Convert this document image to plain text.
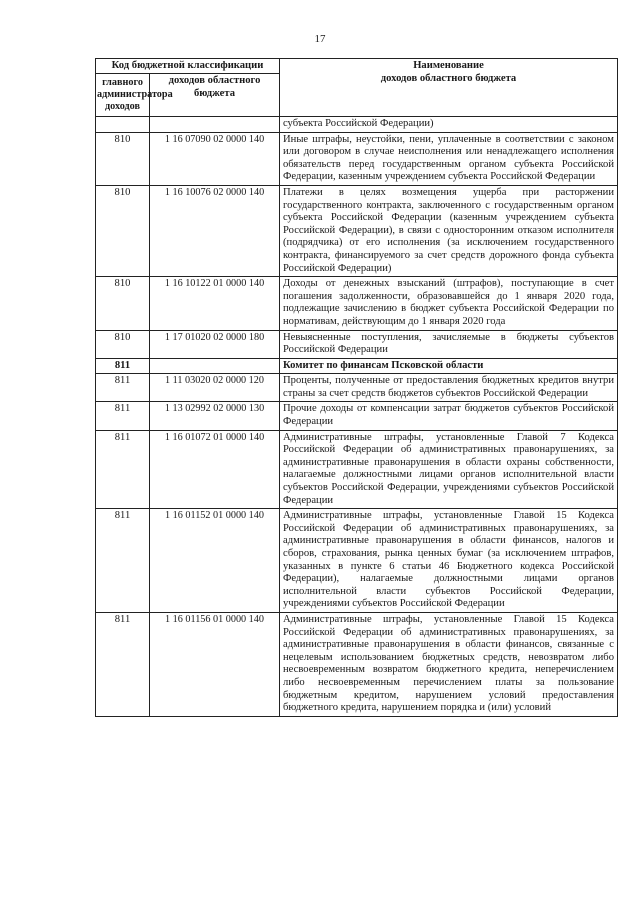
17
Код бюджетной классификации		Наименование
доходов областного бюджета

главного администратора доходов	доходов областного бюджета	
		субъекта Российской Федерации)
810	1 16 07090 02 0000 140	Иные штрафы, неустойки, пени, уплаченные в соответствии с законом или договором в случае неисполнения или ненадлежащего исполнения обязательств перед государственным органом субъекта Российской Федерации, казенным учреждением субъекта Российской Федерации
810	1 16 10076 02 0000 140	Платежи в целях возмещения ущерба при расторжении государственного контракта, заключенного с государственным органом субъекта Российской Федерации (казенным учреждением субъекта Российской Федерации), в связи с односторонним отказом исполнителя (подрядчика) от его исполнения (за исключением государственного контракта, финансируемого за счет средств дорожного фонда субъекта Российской Федерации)
810	1 16 10122 01 0000 140	Доходы от денежных взысканий (штрафов), поступающие в счет погашения задолженности, образовавшейся до 1 января 2020 года, подлежащие зачислению в бюджет субъекта Российской Федерации по нормативам, действующим до 1 января 2020 года
810	1 17 01020 02 0000 180	Невыясненные поступления, зачисляемые в бюджеты субъектов Российской Федерации
811		Комитет по финансам Псковской области
811	1 11 03020 02 0000 120	Проценты, полученные от предоставления бюджетных кредитов внутри страны за счет средств бюджетов субъектов Российской Федерации
811	1 13 02992 02 0000 130	Прочие доходы от компенсации затрат бюджетов субъектов Российской Федерации
811	1 16 01072 01 0000 140	Административные штрафы, установленные Главой 7 Кодекса Российской Федерации об административных правонарушениях, за административные правонарушения в области охраны собственности, налагаемые должностными лицами органов исполнительной власти субъектов Российской Федерации, учреждениями субъектов Российской Федерации
811	1 16 01152 01 0000 140	Административные штрафы, установленные Главой 15 Кодекса Российской Федерации об административных правонарушениях, за административные правонарушения в области финансов, налогов и сборов, страхования, рынка ценных бумаг (за исключением штрафов, указанных в пункте 6 статьи 46 Бюджетного кодекса Российской Федерации), налагаемые должностными лицами органов исполнительной власти субъектов Российской Федерации, учреждениями субъектов Российской Федерации
811	1 16 01156 01 0000 140	Административные штрафы, установленные Главой 15 Кодекса Российской Федерации об административных правонарушениях, за административные правонарушения в области финансов, связанные с нецелевым использованием бюджетных средств, невозвратом либо несвоевременным возвратом бюджетного кредита, неперечислением либо несвоевременным перечислением платы за пользование бюджетным кредитом, нарушением условий предоставления бюджетного кредита, нарушением порядка и (или) условий
